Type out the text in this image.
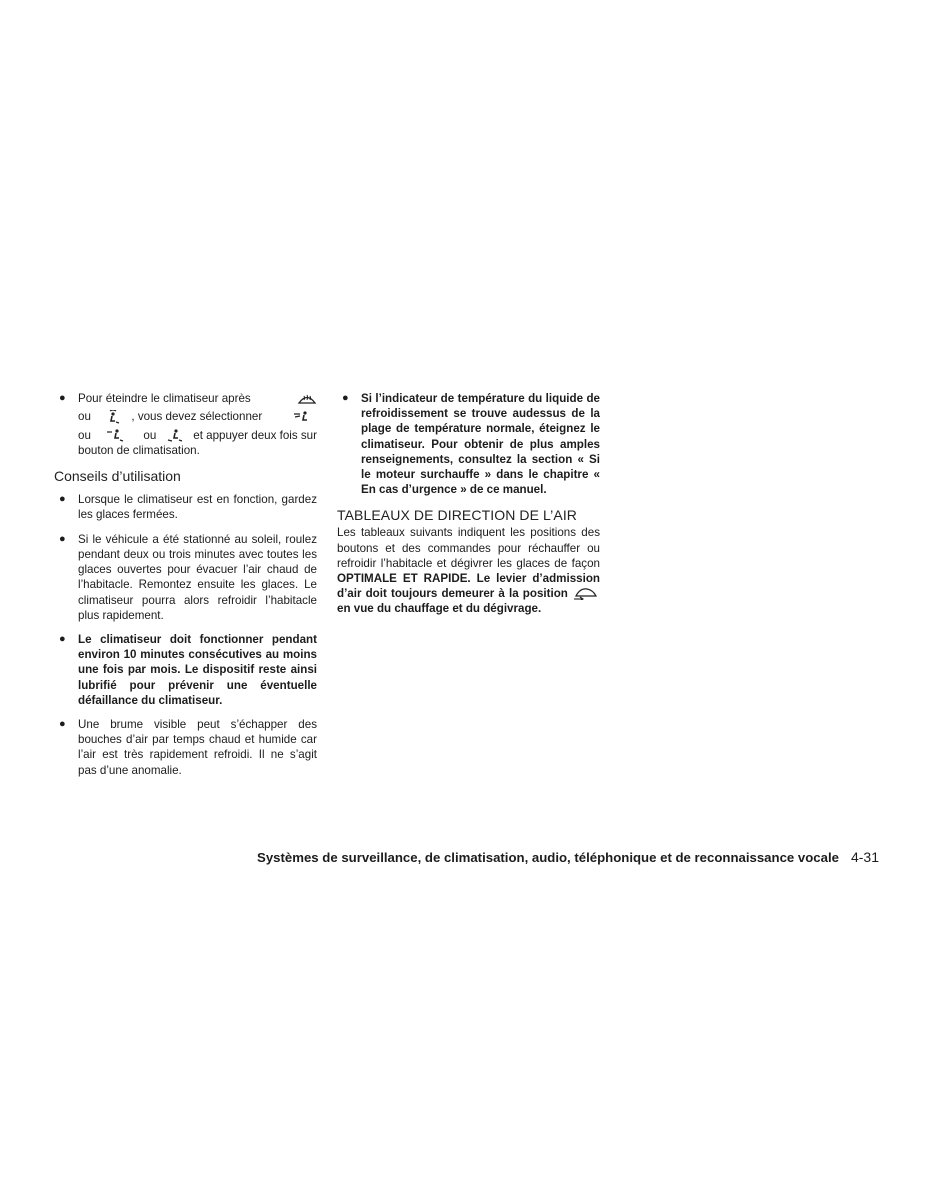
● Pour éteindre le climatiseur après
ou	, vous devez sélectionner
ou	ou	et appuyer deux fois sur
bouton de climatisation.
Conseils d’utilisation
● Lorsque le climatiseur est en fonction, gardez les glaces fermées.
● Si le véhicule a été stationné au soleil, roulez pendant deux ou trois minutes avec toutes les glaces ouvertes pour évacuer l’air chaud de l’habitacle. Remontez ensuite les glaces. Le climatiseur pourra alors refroidir l’habitacle plus rapidement.
● Le climatiseur doit fonctionner pendant environ 10 minutes consécutives au moins une fois par mois. Le dispositif reste ainsi lubrifié pour prévenir une éventuelle défaillance du climatiseur.
● Une brume visible peut s’échapper des bouches d’air par temps chaud et humide car l’air est très rapidement refroidi. Il ne s’agit pas d’une anomalie.
● Si l’indicateur de température du liquide de refroidissement se trouve audessus de la plage de température normale, éteignez le climatiseur. Pour obtenir de plus amples renseignements, consultez la section « Si le moteur surchauffe » dans le chapitre « En cas d’urgence » de ce manuel.
TABLEAUX DE DIRECTION DE L’AIR
Les tableaux suivants indiquent les positions des boutons et des commandes pour réchauffer ou refroidir l’habitacle et dégivrer les glaces de façon OPTIMALE ET RAPIDE. Le levier d’admission d’air doit toujours demeurer à la position  en vue du chauffage et du dégivrage.
Systèmes de surveillance, de climatisation, audio, téléphonique et de reconnaissance vocale 4-31
